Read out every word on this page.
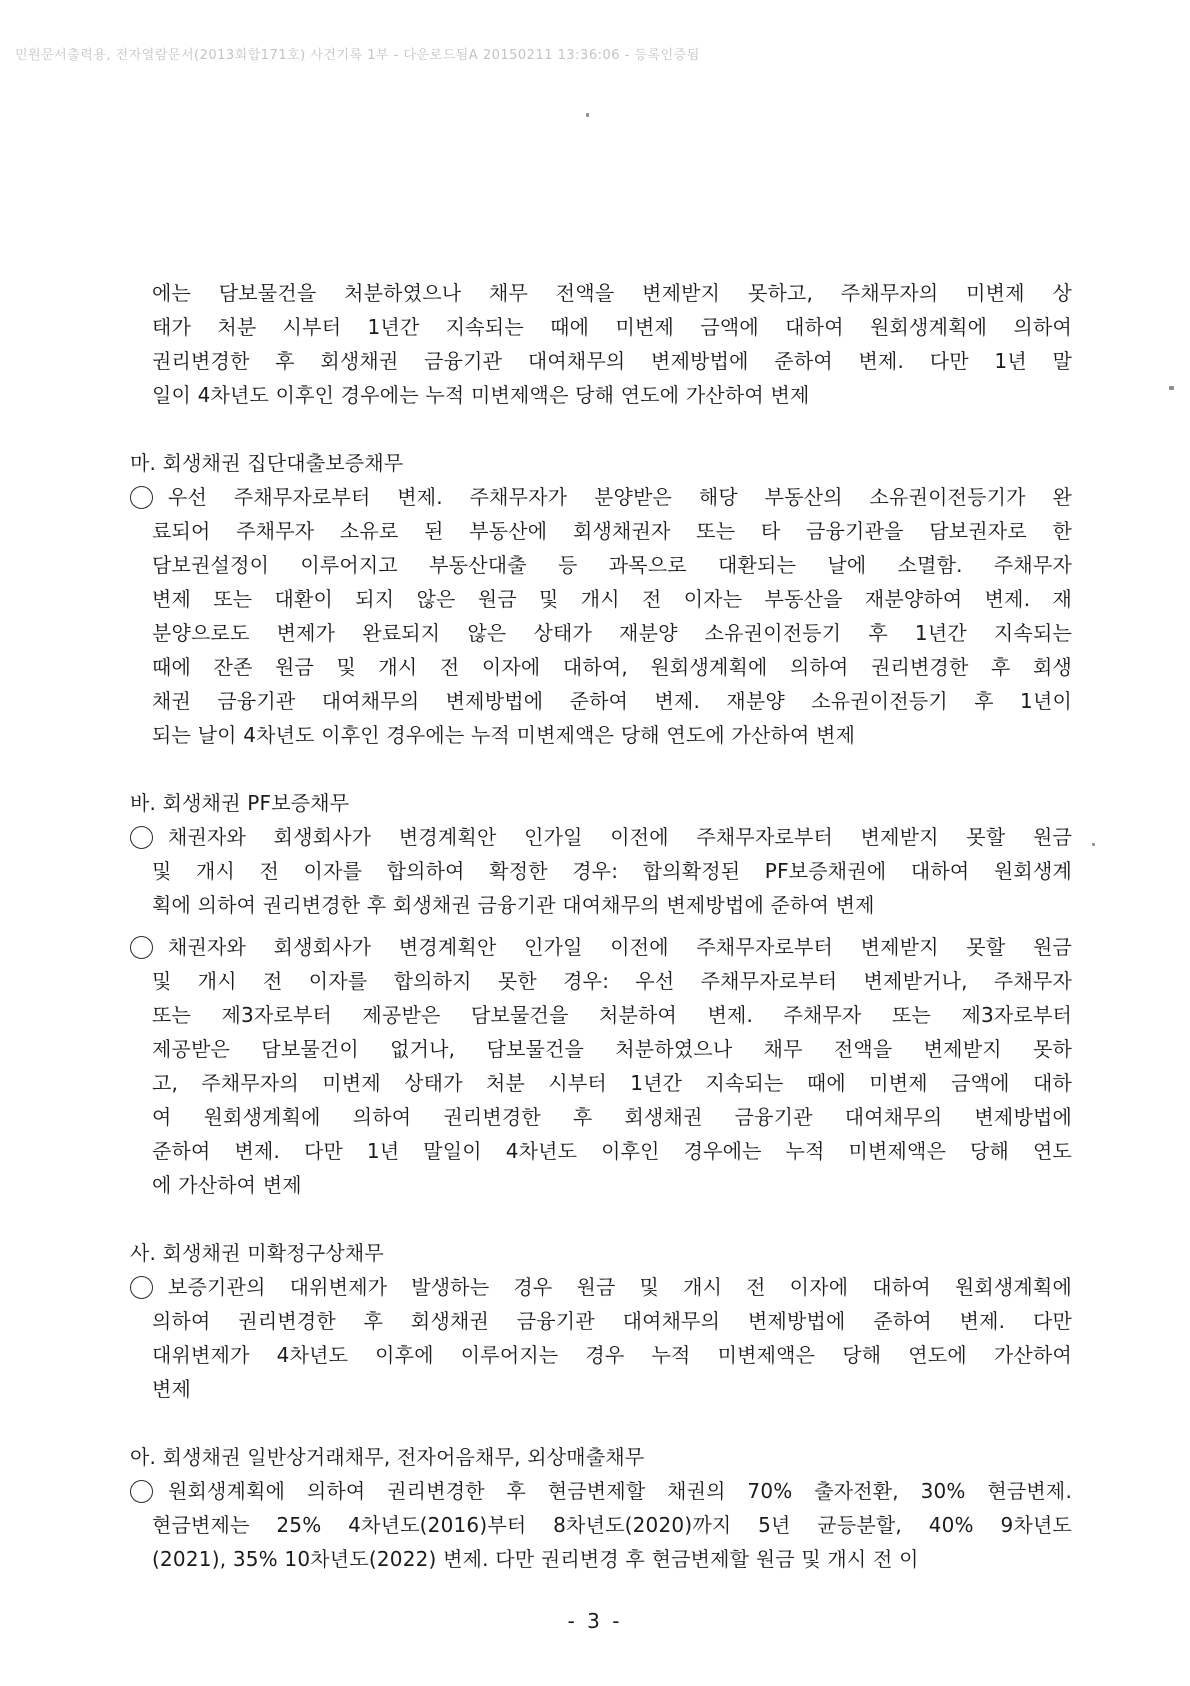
민원문서출력용, 전자열람문서(2013회합171호) 사건기록 1부 - 다운로드됨A 20150211 13:36:06 - 등록인증됨
에는 담보물건을 처분하였으나 채무 전액을 변제받지 못하고, 주채무자의 미변제 상
태가 처분 시부터 1년간 지속되는 때에 미변제 금액에 대하여 원회생계획에 의하여
권리변경한 후 회생채권 금융기관 대여채무의 변제방법에 준하여 변제. 다만 1년 말
일이 4차년도 이후인 경우에는 누적 미변제액은 당해 연도에 가산하여 변제
마. 회생채권 집단대출보증채무
우선 주채무자로부터 변제. 주채무자가 분양받은 해당 부동산의 소유권이전등기가 완
료되어 주채무자 소유로 된 부동산에 회생채권자 또는 타 금융기관을 담보권자로 한
담보권설정이 이루어지고 부동산대출 등 과목으로 대환되는 날에 소멸함. 주채무자
변제 또는 대환이 되지 않은 원금 및 개시 전 이자는 부동산을 재분양하여 변제. 재
분양으로도 변제가 완료되지 않은 상태가 재분양 소유권이전등기 후 1년간 지속되는
때에 잔존 원금 및 개시 전 이자에 대하여, 원회생계획에 의하여 권리변경한 후 회생
채권 금융기관 대여채무의 변제방법에 준하여 변제. 재분양 소유권이전등기 후 1년이
되는 날이 4차년도 이후인 경우에는 누적 미변제액은 당해 연도에 가산하여 변제
바. 회생채권 PF보증채무
채권자와 회생회사가 변경계획안 인가일 이전에 주채무자로부터 변제받지 못할 원금
및 개시 전 이자를 합의하여 확정한 경우: 합의확정된 PF보증채권에 대하여 원회생계
획에 의하여 권리변경한 후 회생채권 금융기관 대여채무의 변제방법에 준하여 변제
채권자와 회생회사가 변경계획안 인가일 이전에 주채무자로부터 변제받지 못할 원금
및 개시 전 이자를 합의하지 못한 경우: 우선 주채무자로부터 변제받거나, 주채무자
또는 제3자로부터 제공받은 담보물건을 처분하여 변제. 주채무자 또는 제3자로부터
제공받은 담보물건이 없거나, 담보물건을 처분하였으나 채무 전액을 변제받지 못하
고, 주채무자의 미변제 상태가 처분 시부터 1년간 지속되는 때에 미변제 금액에 대하
여 원회생계획에 의하여 권리변경한 후 회생채권 금융기관 대여채무의 변제방법에
준하여 변제. 다만 1년 말일이 4차년도 이후인 경우에는 누적 미변제액은 당해 연도
에 가산하여 변제
사. 회생채권 미확정구상채무
보증기관의 대위변제가 발생하는 경우 원금 및 개시 전 이자에 대하여 원회생계획에
의하여 권리변경한 후 회생채권 금융기관 대여채무의 변제방법에 준하여 변제. 다만
대위변제가 4차년도 이후에 이루어지는 경우 누적 미변제액은 당해 연도에 가산하여
변제
아. 회생채권 일반상거래채무, 전자어음채무, 외상매출채무
원회생계획에 의하여 권리변경한 후 현금변제할 채권의 70% 출자전환, 30% 현금변제.
현금변제는 25% 4차년도(2016)부터 8차년도(2020)까지 5년 균등분할, 40% 9차년도
(2021), 35% 10차년도(2022) 변제. 다만 권리변경 후 현금변제할 원금 및 개시 전 이
- 3 -
